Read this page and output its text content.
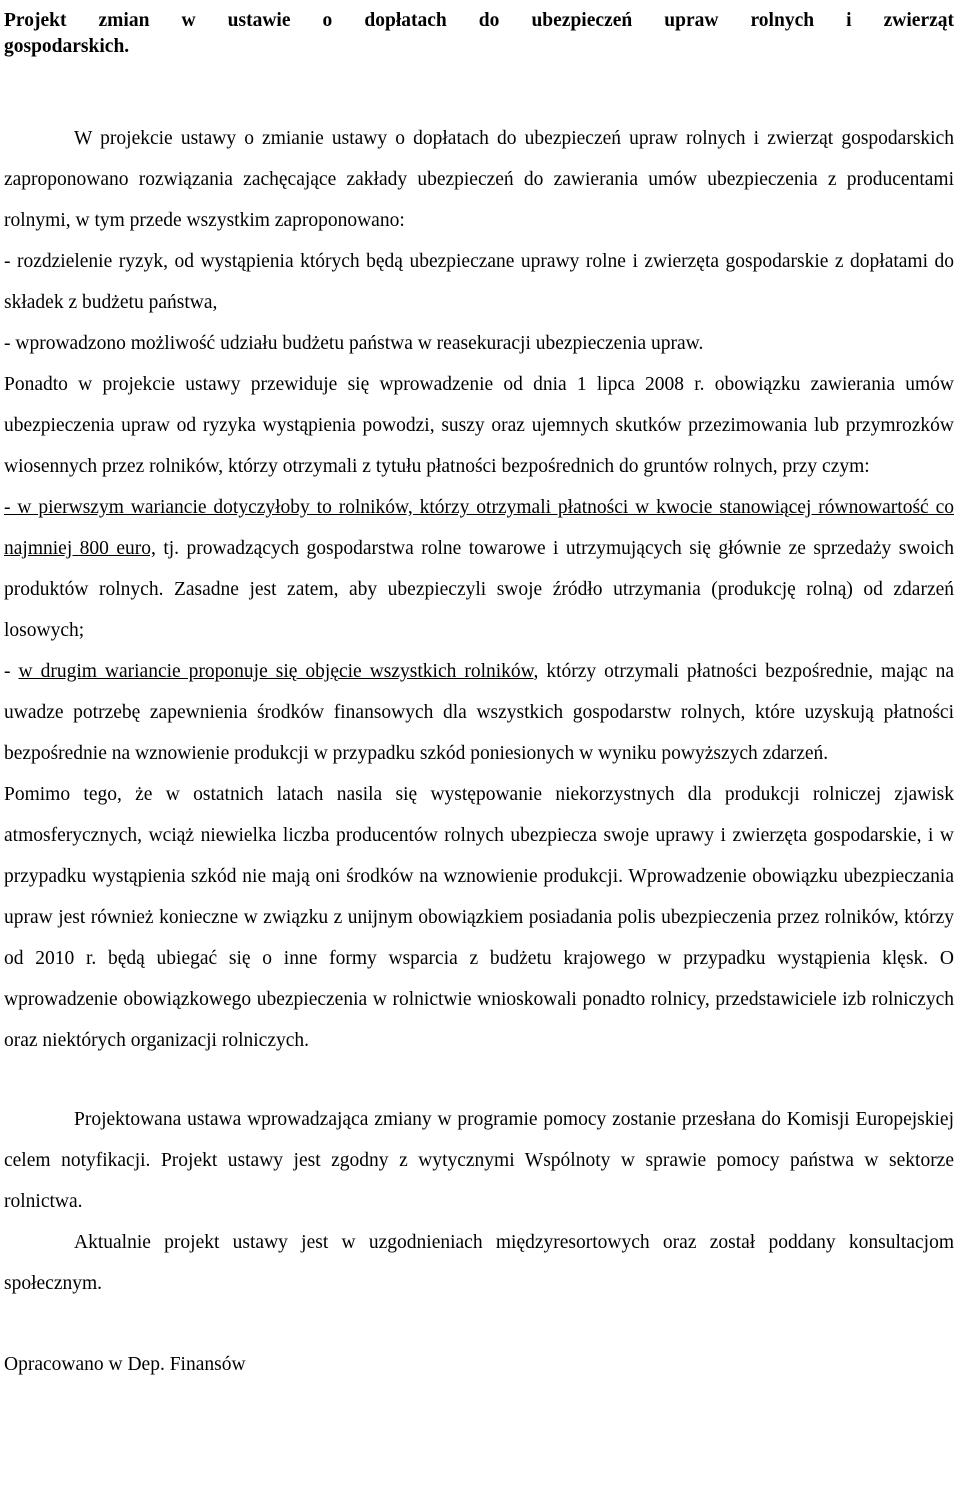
Projekt zmian w ustawie o dopłatach do ubezpieczeń upraw rolnych i zwierząt

gospodarskich.

W projekcie ustawy o zmianie ustawy o dopłatach do ubezpieczeń upraw rolnych i zwierząt gospodarskich zaproponowano rozwiązania zachęcające zakłady ubezpieczeń do zawierania umów ubezpieczenia z producentami rolnymi, w tym przede wszystkim zaproponowano:

- rozdzielenie ryzyk, od wystąpienia których będą ubezpieczane uprawy rolne i zwierzęta gospodarskie z dopłatami do składek z budżetu państwa,

- wprowadzono możliwość udziału budżetu państwa w reasekuracji ubezpieczenia upraw.

Ponadto w projekcie ustawy przewiduje się wprowadzenie od dnia 1 lipca 2008 r. obowiązku zawierania umów ubezpieczenia upraw od ryzyka wystąpienia powodzi, suszy oraz ujemnych skutków przezimowania lub przymrozków wiosennych przez rolników, którzy otrzymali z tytułu płatności bezpośrednich do gruntów rolnych, przy czym:

- w pierwszym wariancie dotyczyłoby to rolników, którzy otrzymali płatności w kwocie stanowiącej równowartość co najmniej 800 euro, tj. prowadzących gospodarstwa rolne towarowe i utrzymujących się głównie ze sprzedaży swoich produktów rolnych. Zasadne jest zatem, aby ubezpieczyli swoje źródło utrzymania (produkcję rolną) od zdarzeń losowych;

- w drugim wariancie proponuje się objęcie wszystkich rolników, którzy otrzymali płatności bezpośrednie, mając na uwadze potrzebę zapewnienia środków finansowych dla wszystkich gospodarstw rolnych, które uzyskują płatności bezpośrednie na wznowienie produkcji w przypadku szkód poniesionych w wyniku powyższych zdarzeń.

Pomimo tego, że w ostatnich latach nasila się występowanie niekorzystnych dla produkcji rolniczej zjawisk atmosferycznych, wciąż niewielka liczba producentów rolnych ubezpiecza swoje uprawy i zwierzęta gospodarskie, i w przypadku wystąpienia szkód nie mają oni środków na wznowienie produkcji. Wprowadzenie obowiązku ubezpieczania upraw jest również konieczne w związku z unijnym obowiązkiem posiadania polis ubezpieczenia przez rolników, którzy od 2010 r. będą ubiegać się o inne formy wsparcia z budżetu krajowego w przypadku wystąpienia klęsk. O wprowadzenie obowiązkowego ubezpieczenia w rolnictwie wnioskowali ponadto rolnicy, przedstawiciele izb rolniczych oraz niektórych organizacji rolniczych.

Projektowana ustawa wprowadzająca zmiany w programie pomocy zostanie przesłana do Komisji Europejskiej celem notyfikacji. Projekt ustawy jest zgodny z wytycznymi Wspólnoty w sprawie pomocy państwa w sektorze rolnictwa.

Aktualnie projekt ustawy jest w uzgodnieniach międzyresortowych oraz został poddany konsultacjom społecznym.

Opracowano w Dep. Finansów
